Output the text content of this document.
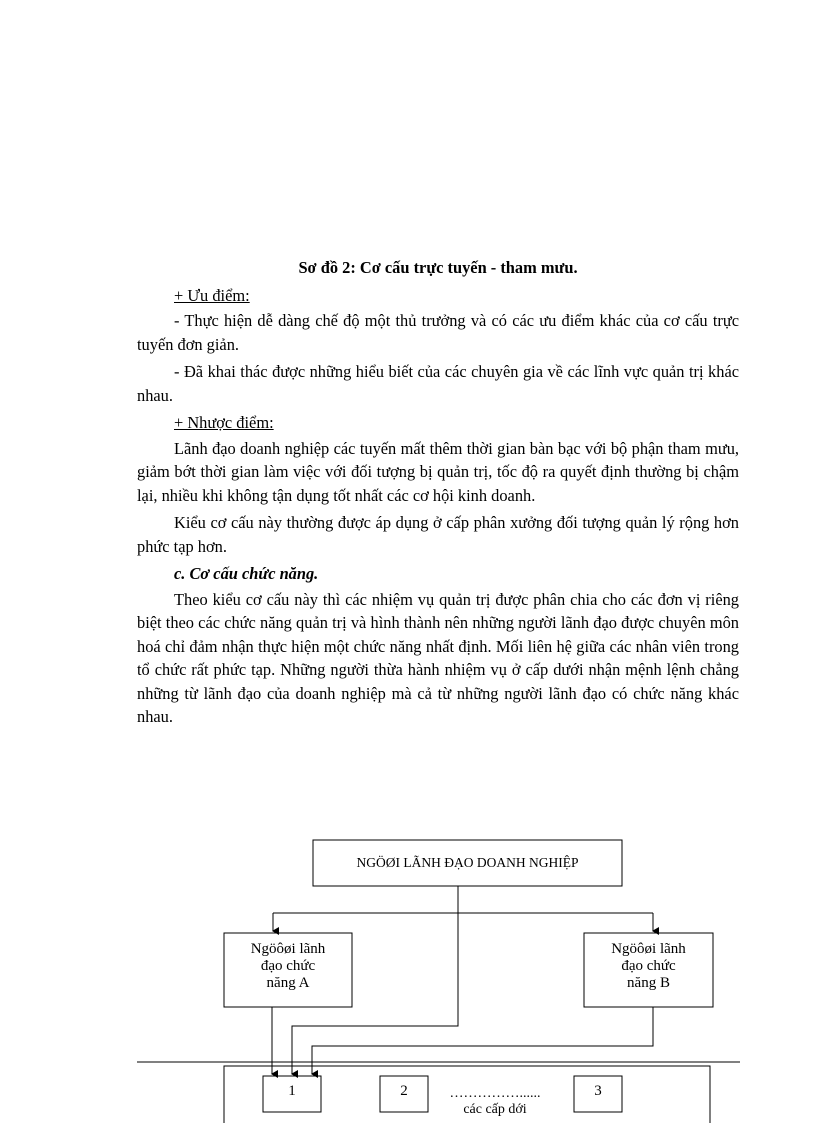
Sơ đồ 2: Cơ cấu trực tuyến - tham mưu.

+ Ưu điểm:

- Thực hiện dễ dàng chế độ một thủ trưởng và có các ưu điểm khác của cơ cấu trực tuyến đơn giản.

- Đã khai thác được những hiểu biết của các chuyên gia về các lĩnh vực quản trị khác nhau.

+ Nhược điểm:

Lãnh đạo doanh nghiệp các tuyến mất thêm thời gian bàn bạc với bộ phận tham mưu, giảm bớt thời gian làm việc với đối tượng bị quản trị, tốc độ ra quyết định thường bị chậm lại, nhiều khi không tận dụng tốt nhất các cơ hội kinh doanh.

Kiểu cơ cấu này thường được áp dụng ở cấp phân xưởng đối tượng quản lý rộng hơn phức tạp hơn.

c. Cơ cấu chức năng.

Theo kiểu cơ cấu này thì các nhiệm vụ quản trị được phân chia cho các đơn vị riêng biệt theo các chức năng quản trị và hình thành nên những người lãnh đạo được chuyên môn hoá chỉ đảm nhận thực hiện một chức năng nhất định. Mối liên hệ giữa các nhân viên trong tổ chức rất phức tạp. Những người thừa hành nhiệm vụ ở cấp dưới nhận mệnh lệnh chẳng những từ lãnh đạo của doanh nghiệp mà cả từ những người lãnh đạo có chức năng khác nhau.

NGÖØI LÃNH ĐẠO DOANH NGHIỆP
Ngöôøi lãnh
đạo chức
năng A
Ngöôøi lãnh
đạo chức
năng B
1	2	3
……………......
các cấp dới
